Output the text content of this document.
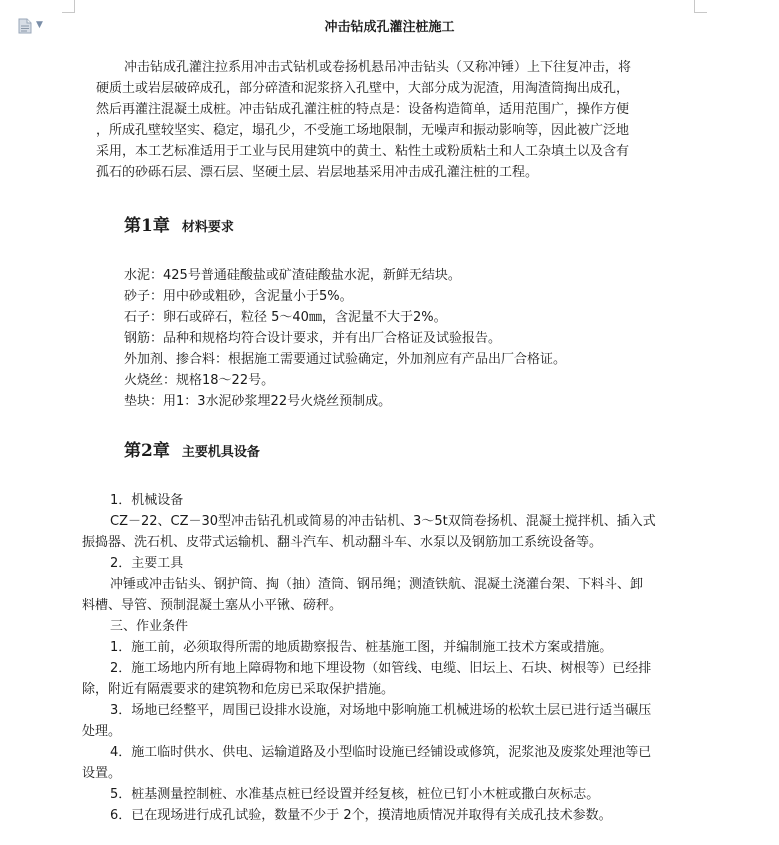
▼	冲击钻成孔灌注桩施工
冲击钻成孔灌注拉系用冲击式钻机或卷扬机悬吊冲击钻头（又称冲锤）上下往复冲击，将
硬质土或岩层破碎成孔，部分碎渣和泥浆挤入孔壁中，大部分成为泥渣，用淘渣筒掏出成孔，
然后再灌注混凝土成桩。冲击钻成孔灌注桩的特点是：设备构造简单，适用范围广，操作方便
，所成孔壁较坚实、稳定，塌孔少，不受施工场地限制，无噪声和振动影响等，因此被广泛地
采用，本工艺标准适用于工业与民用建筑中的黄土、粘性土或粉质粘土和人工杂填土以及含有
孤石的砂砾石层、漂石层、坚硬土层、岩层地基采用冲击成孔灌注桩的工程。
第1章 材料要求
水泥：425号普通硅酸盐或矿渣硅酸盐水泥，新鲜无结块。
砂子：用中砂或粗砂，含泥量小于5%。
石子：卵石或碎石，粒径 5～40㎜，含泥量不大于2%。
钢筋：品种和规格均符合设计要求，并有出厂合格证及试验报告。
外加剂、掺合料：根据施工需要通过试验确定，外加剂应有产品出厂合格证。
火烧丝：规格18～22号。
垫块：用1：3水泥砂浆埋22号火烧丝预制成。
第2章 主要机具设备
1．机械设备
CZ－22、CZ－30型冲击钻孔机或简易的冲击钻机、3～5t双筒卷扬机、混凝土搅拌机、插入式
振捣器、洗石机、皮带式运输机、翻斗汽车、机动翻斗车、水泵以及钢筋加工系统设备等。
2．主要工具
冲锤或冲击钻头、钢护筒、掏（抽）渣筒、钢吊绳；测渣铁航、混凝土浇灌台架、下料斗、卸
料槽、导管、预制混凝土塞从小平锹、磅秤。
三、作业条件
1．施工前，必须取得所需的地质勘察报告、桩基施工图，并编制施工技术方案或措施。
2．施工场地内所有地上障碍物和地下埋设物（如管线、电缆、旧坛上、石块、树根等）已经排
除，附近有隔震要求的建筑物和危房已采取保护措施。
3．场地已经整平，周围已设排水设施，对场地中影响施工机械进场的松软土层已进行适当碾压
处理。
4．施工临时供水、供电、运输道路及小型临时设施已经铺设或修筑，泥浆池及废浆处理池等已
设置。
5．桩基测量控制桩、水准基点桩已经设置并经复核，桩位已钉小木桩或撒白灰标志。
6．已在现场进行成孔试验，数量不少于 2个，摸清地质情况并取得有关成孔技术参数。
